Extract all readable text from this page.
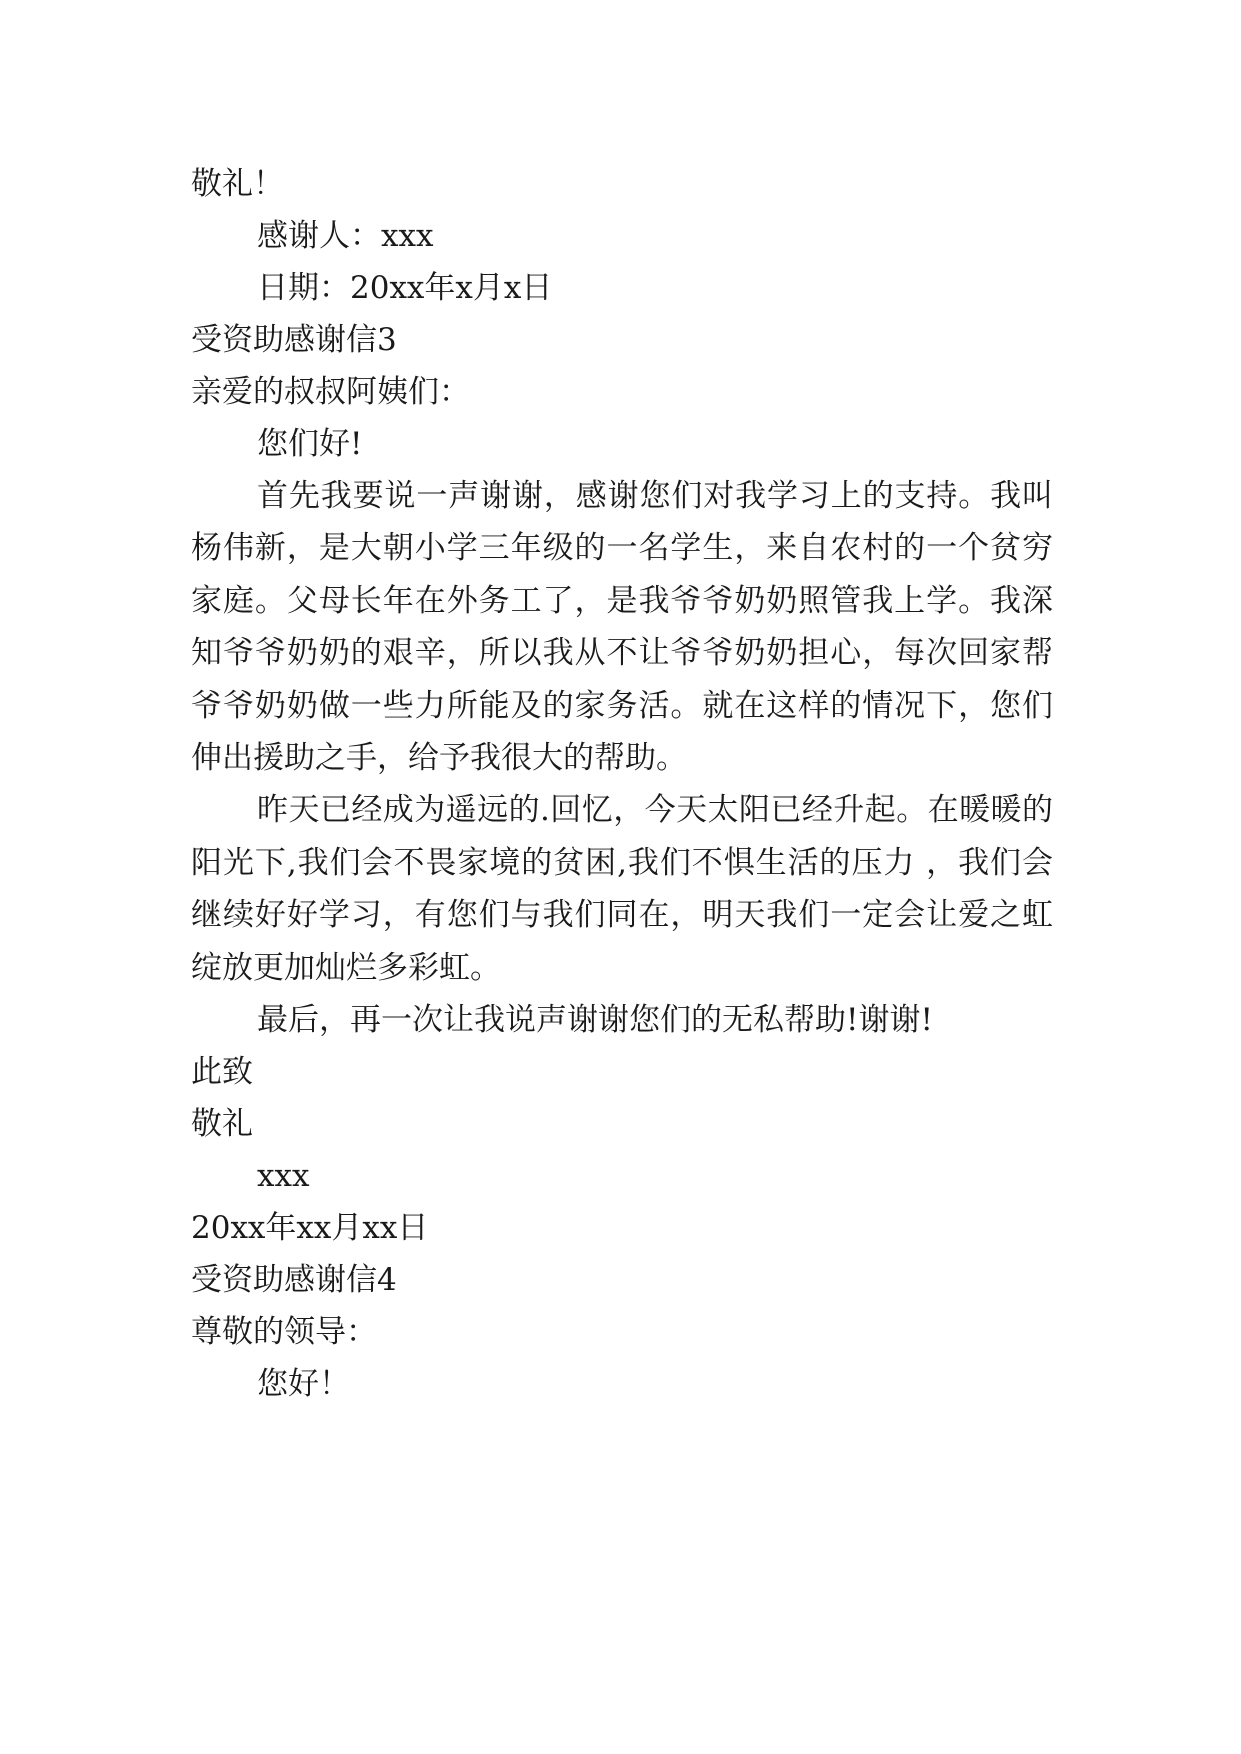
敬礼！
感谢人：xxx
日期：20xx年x月x日
受资助感谢信3
亲爱的叔叔阿姨们：
您们好!
首先我要说一声谢谢，感谢您们对我学习上的支持。我叫杨伟新，是大朝小学三年级的一名学生，来自农村的一个贫穷家庭。父母长年在外务工了，是我爷爷奶奶照管我上学。我深知爷爷奶奶的艰辛，所以我从不让爷爷奶奶担心，每次回家帮爷爷奶奶做一些力所能及的家务活。就在这样的情况下，您们伸出援助之手，给予我很大的帮助。
昨天已经成为遥远的.回忆，今天太阳已经升起。在暖暖的阳光下,我们会不畏家境的贫困,我们不惧生活的压力 ，我们会继续好好学习，有您们与我们同在，明天我们一定会让爱之虹绽放更加灿烂多彩虹。
最后，再一次让我说声谢谢您们的无私帮助!谢谢!
此致
敬礼
xxx
20xx年xx月xx日
受资助感谢信4
尊敬的领导：
您好！
